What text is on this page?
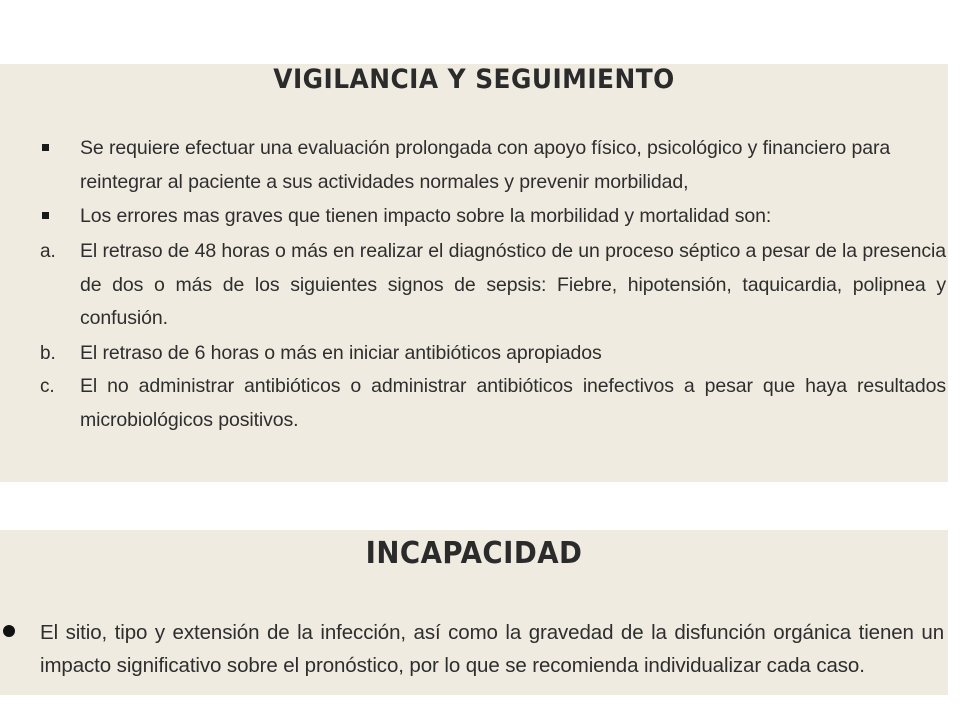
VIGILANCIA Y SEGUIMIENTO
Se requiere efectuar una evaluación prolongada con apoyo físico, psicológico y financiero para reintegrar al paciente a sus actividades normales y prevenir morbilidad,
Los errores mas graves que tienen impacto sobre la morbilidad y mortalidad son:
a.	El retraso de 48 horas o más en realizar el diagnóstico de un proceso séptico a pesar de la presencia de dos o más de los siguientes signos de sepsis: Fiebre, hipotensión, taquicardia, polipnea y confusión.
b.	El retraso de 6 horas o más en iniciar antibióticos apropiados
c.	El no administrar antibióticos o administrar antibióticos inefectivos a pesar que haya resultados microbiológicos positivos.
INCAPACIDAD
El sitio, tipo y extensión de la infección, así como la gravedad de la disfunción orgánica tienen un impacto significativo sobre el pronóstico, por lo que se recomienda individualizar cada caso.
